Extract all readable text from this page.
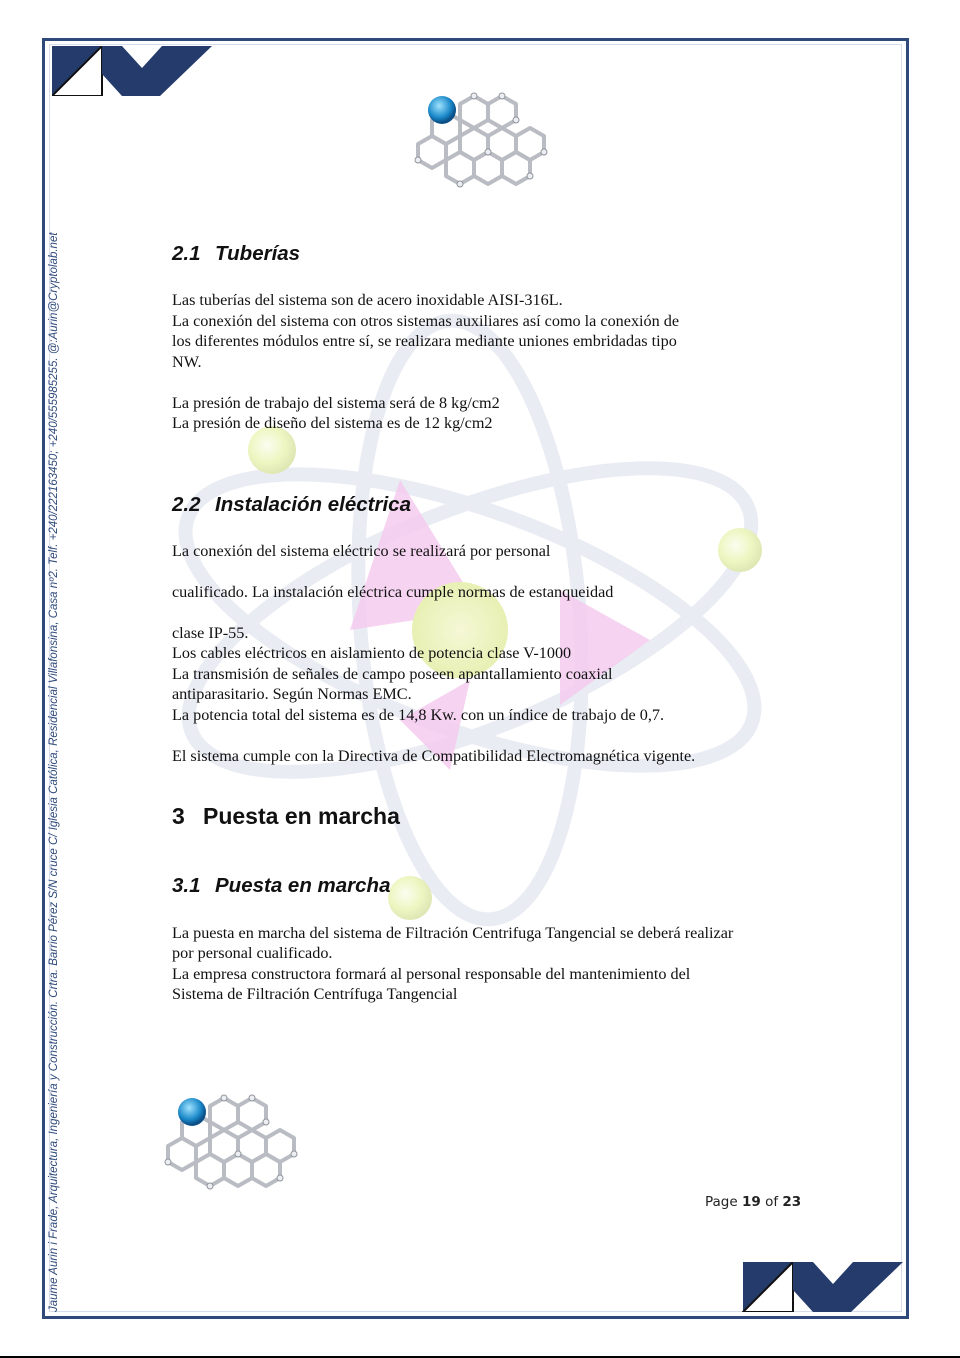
Jaume Aurin i Frade, Arquitectura, Ingeniería y Construcción. Crtra. Barrio Pérez S/N cruce C/ Iglesia Católica, Residencial Villafonsina, Casa nº2. Telf. +240/222163450; +240/555985255. @:Aurin@Cryptolab.net	2.1 Tuberías

Las tuberías del sistema son de acero inoxidable AISI-316L.

La conexión del sistema con otros sistemas auxiliares así como la conexión de

los diferentes módulos entre sí, se realizara mediante uniones embridadas tipo

NW.

La presión de trabajo del sistema será de 8 kg/cm2

La presión de diseño del sistema es de 12 kg/cm2

2.2 Instalación eléctrica

La conexión del sistema eléctrico se realizará por personal

cualificado. La instalación eléctrica cumple normas de estanqueidad

clase IP-55.

Los cables eléctricos en aislamiento de potencia clase V-1000

La transmisión de señales de campo poseen apantallamiento coaxial

antiparasitario. Según Normas EMC.

La potencia total del sistema es de 14,8 Kw. con un índice de trabajo de 0,7.

El sistema cumple con la Directiva de Compatibilidad Electromagnética vigente.

3 Puesta en marcha
3.1 Puesta en marcha

La puesta en marcha del sistema de Filtración Centrifuga Tangencial se deberá realizar

por personal cualificado.

La empresa constructora formará al personal responsable del mantenimiento del

Sistema de Filtración Centrífuga Tangencial

Page 19 of 23
